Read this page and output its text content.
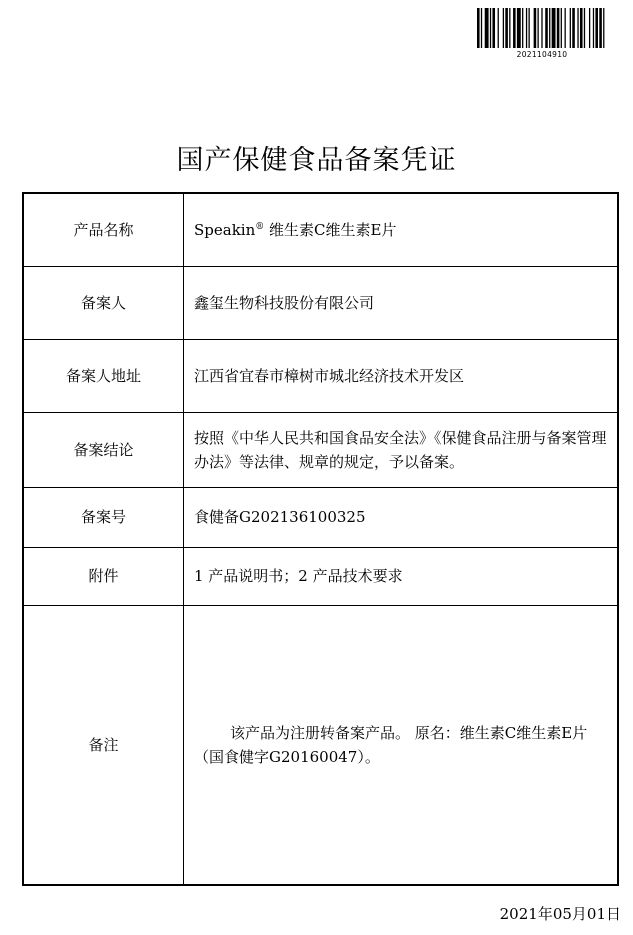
2021104910
国产保健食品备案凭证
产品名称	Speakin® 维生素C维生素E片
备案人	鑫玺生物科技股份有限公司
备案人地址	江西省宜春市樟树市城北经济技术开发区
备案结论	按照《中华人民共和国食品安全法》《保健食品注册与备案管理办法》等法律、规章的规定，予以备案。
备案号	食健备G202136100325
附件	1 产品说明书；2 产品技术要求
备注	该产品为注册转备案产品。 原名：维生素C维生素E片（国食健字G20160047）。
2021年05月01日
